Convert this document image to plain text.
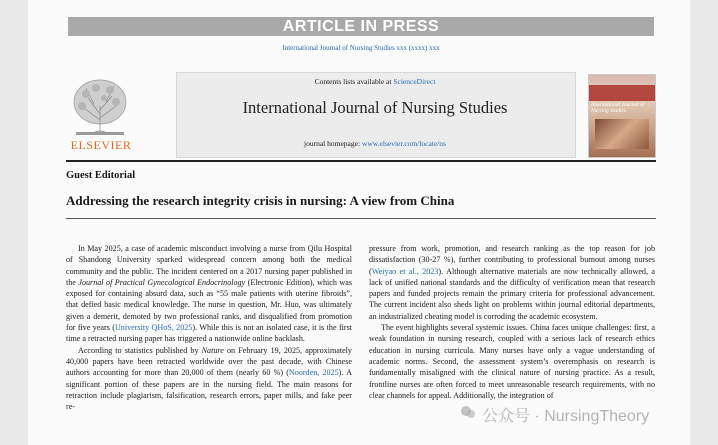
ARTICLE IN PRESS
International Journal of Nursing Studies xxx (xxxx) xxx
ELSEVIER
Contents lists available at ScienceDirect
International Journal of Nursing Studies
journal homepage: www.elsevier.com/locate/ns
International Journal of Nursing Studies
Guest Editorial
Addressing the research integrity crisis in nursing: A view from China

In May 2025, a case of academic misconduct involving a nurse from Qilu Hospital of Shandong University sparked widespread concern among both the medical community and the public. The incident centered on a 2017 nursing paper published in the Journal of Practical Gynecological Endocrinology (Electronic Edition), which was exposed for containing absurd data, such as “55 male patients with uterine fibroids”, that defied basic medical knowledge. The nurse in question, Mr. Huo, was ultimately given a demerit, demoted by two professional ranks, and disqualified from promotion for five years (University QHoS, 2025). While this is not an isolated case, it is the first time a retracted nursing paper has triggered a nationwide online backlash.

According to statistics published by Nature on February 19, 2025, approximately 40,000 papers have been retracted worldwide over the past decade, with Chinese authors accounting for more than 20,000 of them (nearly 60 %) (Noorden, 2025). A significant portion of these papers are in the nursing field. The main reasons for retraction include plagiarism, falsification, research errors, paper mills, and fake peer re-

pressure from work, promotion, and research ranking as the top reason for job dissatisfaction (30-27 %), further contributing to professional burnout among nurses (Weiyao et al., 2023). Although alternative materials are now technically allowed, a lack of unified national standards and the difficulty of verification mean that research papers and funded projects remain the primary criteria for professional advancement. The current incident also sheds light on problems within journal editorial departments, an industrialized cheating model is corroding the academic ecosystem.

The event highlights several systemic issues. China faces unique challenges: first, a weak foundation in nursing research, coupled with a serious lack of research ethics education in nursing curricula. Many nurses have only a vague understanding of academic norms. Second, the assessment system’s overemphasis on research is fundamentally misaligned with the clinical nature of nursing practice. As a result, frontline nurses are often forced to meet unreasonable research requirements, with no clear channels for appeal. Additionally, the integration of

公众号 · NursingTheory
